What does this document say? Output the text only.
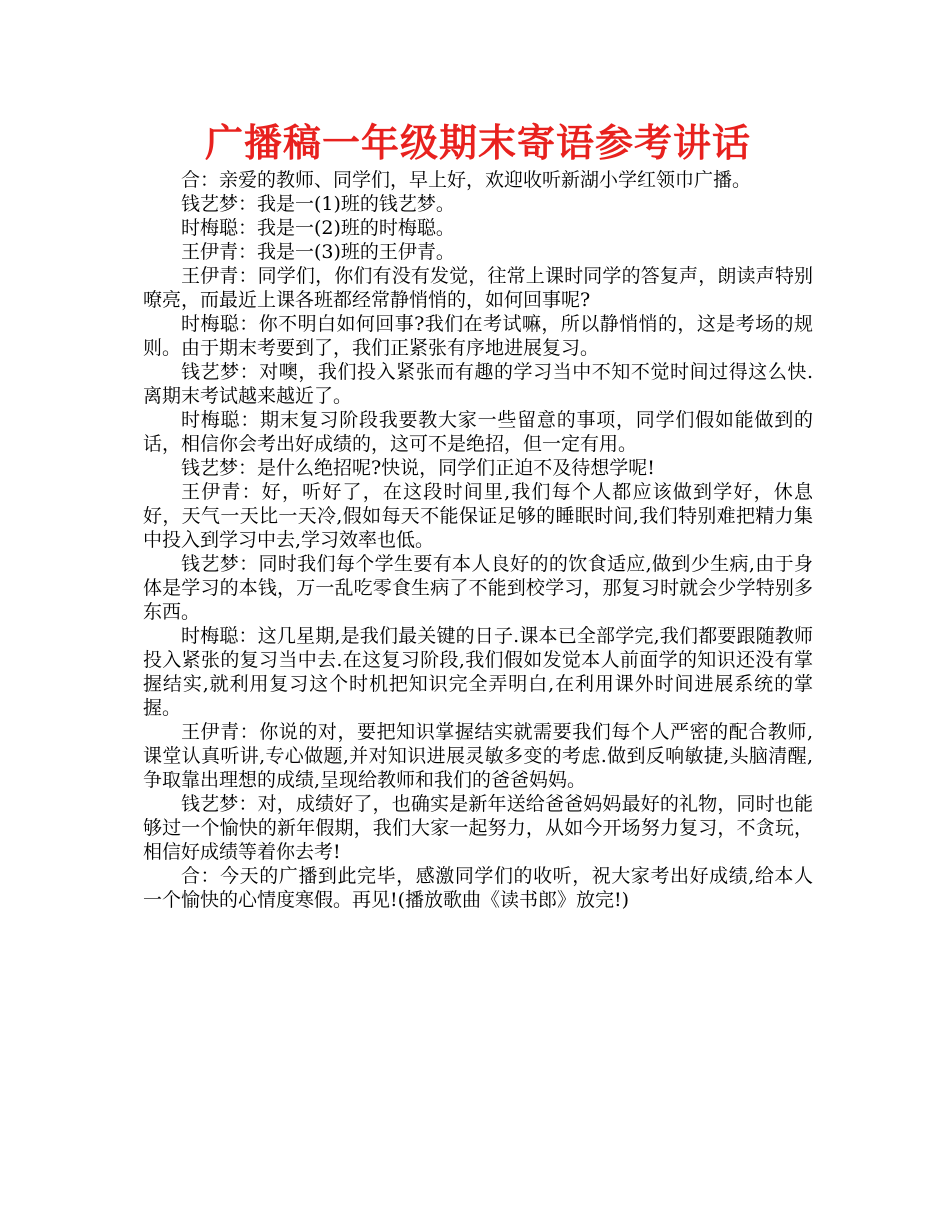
广播稿一年级期末寄语参考讲话

合：亲爱的教师、同学们，早上好，欢迎收听新湖小学红领巾广播。

钱艺梦：我是一(1)班的钱艺梦。

时梅聪：我是一(2)班的时梅聪。

王伊青：我是一(3)班的王伊青。

王伊青：同学们，你们有没有发觉，往常上课时同学的答复声，朗读声特别嘹亮，而最近上课各班都经常静悄悄的，如何回事呢?

时梅聪：你不明白如何回事?我们在考试嘛，所以静悄悄的，这是考场的规则。由于期末考要到了，我们正紧张有序地进展复习。

钱艺梦：对噢，我们投入紧张而有趣的学习当中不知不觉时间过得这么快.离期末考试越来越近了。

时梅聪：期末复习阶段我要教大家一些留意的事项，同学们假如能做到的话，相信你会考出好成绩的，这可不是绝招，但一定有用。

钱艺梦：是什么绝招呢?快说，同学们正迫不及待想学呢!

王伊青：好，听好了，在这段时间里,我们每个人都应该做到学好，休息好，天气一天比一天冷,假如每天不能保证足够的睡眠时间,我们特别难把精力集中投入到学习中去,学习效率也低。

钱艺梦：同时我们每个学生要有本人良好的的饮食适应,做到少生病,由于身体是学习的本钱，万一乱吃零食生病了不能到校学习，那复习时就会少学特别多东西。

时梅聪：这几星期,是我们最关键的日子.课本已全部学完,我们都要跟随教师投入紧张的复习当中去.在这复习阶段,我们假如发觉本人前面学的知识还没有掌握结实,就利用复习这个时机把知识完全弄明白,在利用课外时间进展系统的掌握。

王伊青：你说的对，要把知识掌握结实就需要我们每个人严密的配合教师,课堂认真听讲,专心做题,并对知识进展灵敏多变的考虑.做到反响敏捷,头脑清醒,争取靠出理想的成绩,呈现给教师和我们的爸爸妈妈。

钱艺梦：对，成绩好了，也确实是新年送给爸爸妈妈最好的礼物，同时也能够过一个愉快的新年假期，我们大家一起努力，从如今开场努力复习，不贪玩，相信好成绩等着你去考!

合：今天的广播到此完毕，感激同学们的收听，祝大家考出好成绩,给本人一个愉快的心情度寒假。再见!(播放歌曲《读书郎》放完!)
